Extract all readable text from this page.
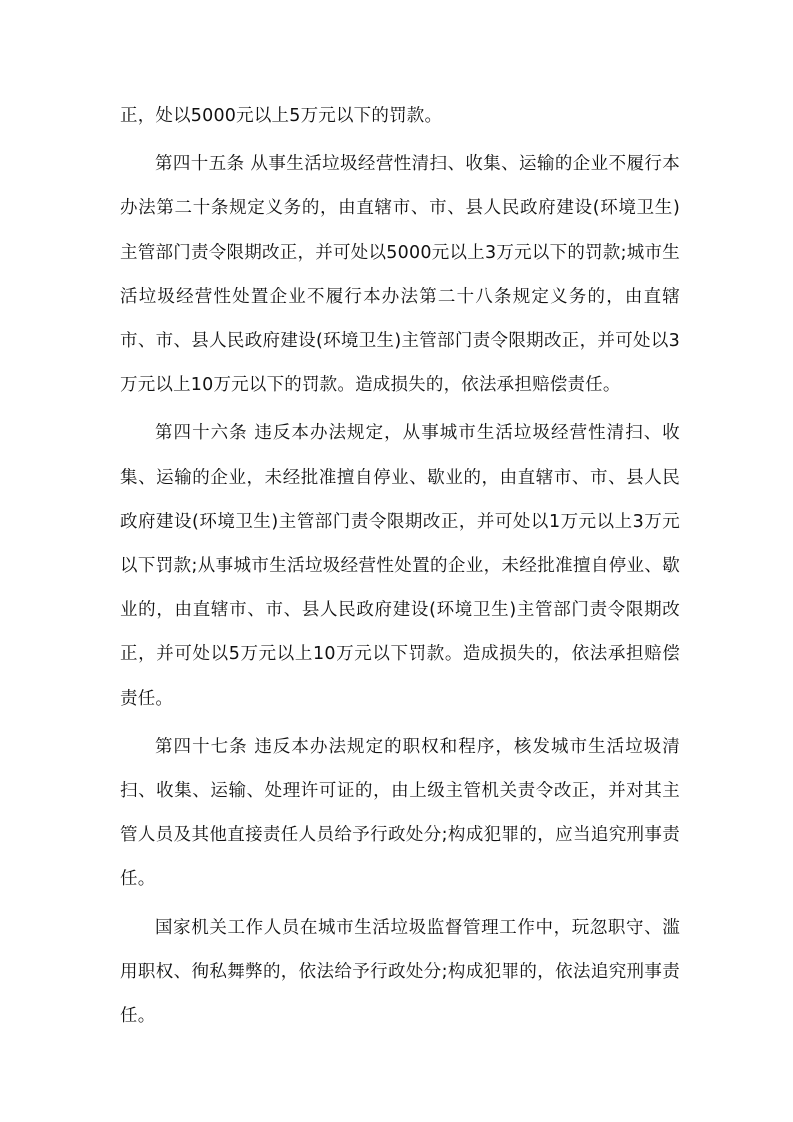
正，处以5000元以上5万元以下的罚款。

第四十五条 从事生活垃圾经营性清扫、收集、运输的企业不履行本办法第二十条规定义务的，由直辖市、市、县人民政府建设(环境卫生)主管部门责令限期改正，并可处以5000元以上3万元以下的罚款;城市生活垃圾经营性处置企业不履行本办法第二十八条规定义务的，由直辖市、市、县人民政府建设(环境卫生)主管部门责令限期改正，并可处以3万元以上10万元以下的罚款。造成损失的，依法承担赔偿责任。

第四十六条 违反本办法规定，从事城市生活垃圾经营性清扫、收集、运输的企业，未经批准擅自停业、歇业的，由直辖市、市、县人民政府建设(环境卫生)主管部门责令限期改正，并可处以1万元以上3万元以下罚款;从事城市生活垃圾经营性处置的企业，未经批准擅自停业、歇业的，由直辖市、市、县人民政府建设(环境卫生)主管部门责令限期改正，并可处以5万元以上10万元以下罚款。造成损失的，依法承担赔偿责任。

第四十七条 违反本办法规定的职权和程序，核发城市生活垃圾清扫、收集、运输、处理许可证的，由上级主管机关责令改正，并对其主管人员及其他直接责任人员给予行政处分;构成犯罪的，应当追究刑事责任。

国家机关工作人员在城市生活垃圾监督管理工作中，玩忽职守、滥用职权、徇私舞弊的，依法给予行政处分;构成犯罪的，依法追究刑事责任。
